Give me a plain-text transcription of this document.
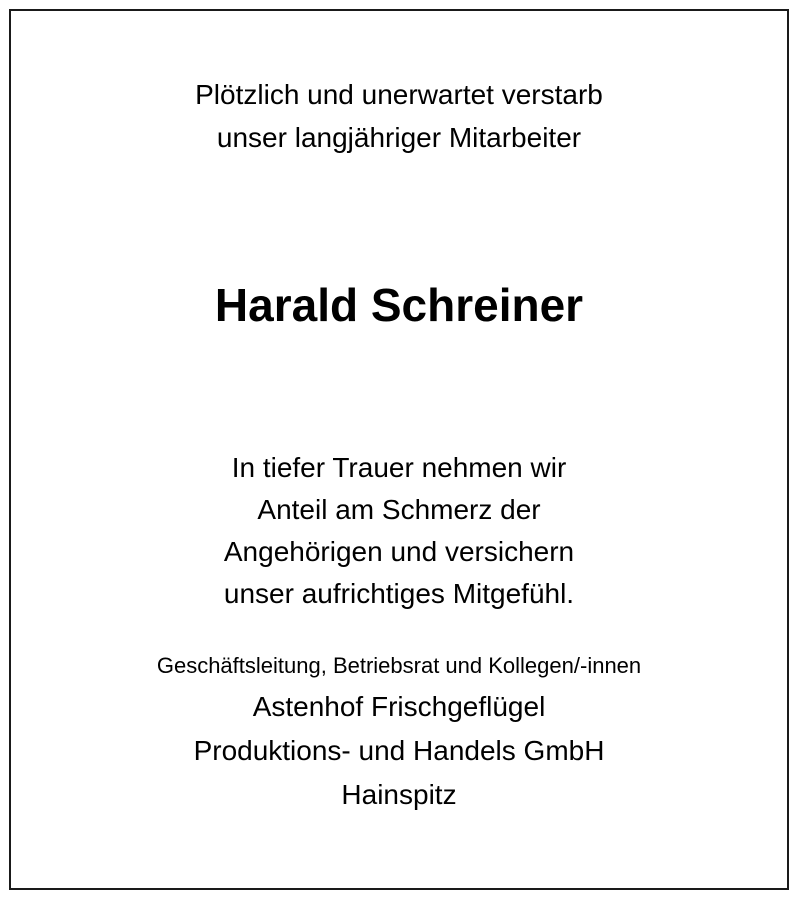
Plötzlich und unerwartet verstarb
unser langjähriger Mitarbeiter
Harald Schreiner
In tiefer Trauer nehmen wir
Anteil am Schmerz der
Angehörigen und versichern
unser aufrichtiges Mitgefühl.
Geschäftsleitung, Betriebsrat und Kollegen/-innen
Astenhof Frischgeflügel
Produktions- und Handels GmbH
Hainspitz
